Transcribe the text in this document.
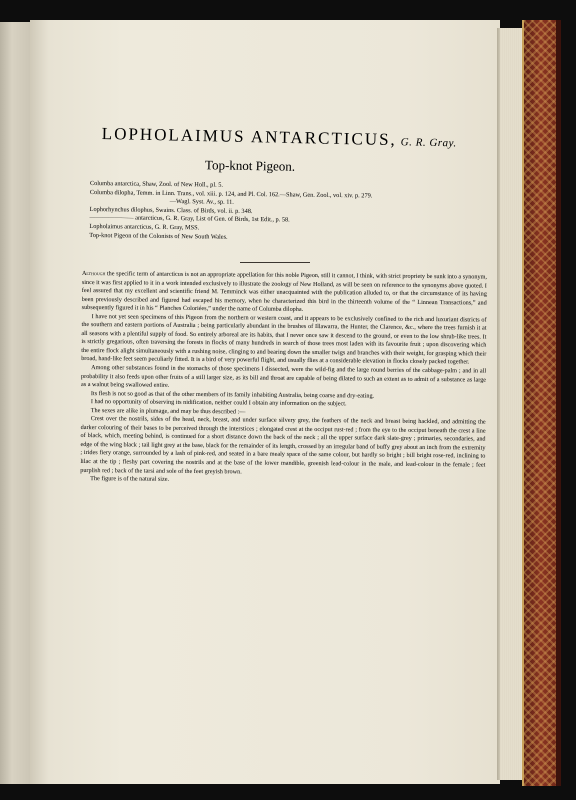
LOPHOLAIMUS ANTARCTICUS, G. R. Gray.
Top-knot Pigeon.
Columba antarctica, Shaw, Zool. of New Holl., pl. 5.
Columba dilopha, Temm. in Linn. Trans., vol. xiii. p. 124, and Pl. Col. 162.—Shaw, Gen. Zool., vol. xiv. p. 279.
—Wagl. Syst. Av., sp. 11.
Lophorhynchus dilophus, Swains. Class. of Birds, vol. ii. p. 348.
——————— antarcticus, G. R. Gray, List of Gen. of Birds, 1st Edit., p. 58.
Lopholaimus antarcticus, G. R. Gray, MSS.
Top-knot Pigeon of the Colonists of New South Wales.

Although the specific term of antarcticus is not an appropriate appellation for this noble Pigeon, still it cannot, I think, with strict propriety be sunk into a synonym, since it was first applied to it in a work intended exclusively to illustrate the zoology of New Holland, as will be seen on reference to the synonyms above quoted. I feel assured that my excellent and scientific friend M. Temminck was either unacquainted with the publication alluded to, or that the circumstance of its having been previously described and figured had escaped his memory, when he characterized this bird in the thirteenth volume of the “ Linnean Transactions,” and subsequently figured it in his “ Planches Coloriées,” under the name of Columba dilopha.

I have not yet seen specimens of this Pigeon from the northern or western coast, and it appears to be exclusively confined to the rich and luxuriant districts of the southern and eastern portions of Australia ; being particularly abundant in the brushes of Illawarra, the Hunter, the Clarence, &c., where the trees furnish it at all seasons with a plentiful supply of food. So entirely arboreal are its habits, that I never once saw it descend to the ground, or even to the low shrub-like trees. It is strictly gregarious, often traversing the forests in flocks of many hundreds in search of those trees most laden with its favourite fruit ; upon discovering which the entire flock alight simultaneously with a rushing noise, clinging to and bearing down the smaller twigs and branches with their weight, for grasping which their broad, hand-like feet seem peculiarly fitted. It is a bird of very powerful flight, and usually flies at a considerable elevation in flocks closely packed together.

Among other substances found in the stomachs of those specimens I dissected, were the wild-fig and the large round berries of the cabbage-palm ; and in all probability it also feeds upon other fruits of a still larger size, as its bill and throat are capable of being dilated to such an extent as to admit of a substance as large as a walnut being swallowed entire.

Its flesh is not so good as that of the other members of its family inhabiting Australia, being coarse and dry-eating.

I had no opportunity of observing its nidification, neither could I obtain any information on the subject.

The sexes are alike in plumage, and may be thus described :—

Crest over the nostrils, sides of the head, neck, breast, and under surface silvery grey, the feathers of the neck and breast being hackled, and admitting the darker colouring of their bases to be perceived through the interstices ; elongated crest at the occiput rust-red ; from the eye to the occiput beneath the crest a line of black, which, meeting behind, is continued for a short distance down the back of the neck ; all the upper surface dark slate-grey ; primaries, secondaries, and edge of the wing black ; tail light grey at the base, black for the remainder of its length, crossed by an irregular band of buffy grey about an inch from the extremity ; irides fiery orange, surrounded by a lash of pink-red, and seated in a bare mealy space of the same colour, but hardly so bright ; bill bright rose-red, inclining to lilac at the tip ; fleshy part covering the nostrils and at the base of the lower mandible, greenish lead-colour in the male, and lead-colour in the female ; feet purplish red ; back of the tarsi and sole of the feet greyish brown.

The figure is of the natural size.
